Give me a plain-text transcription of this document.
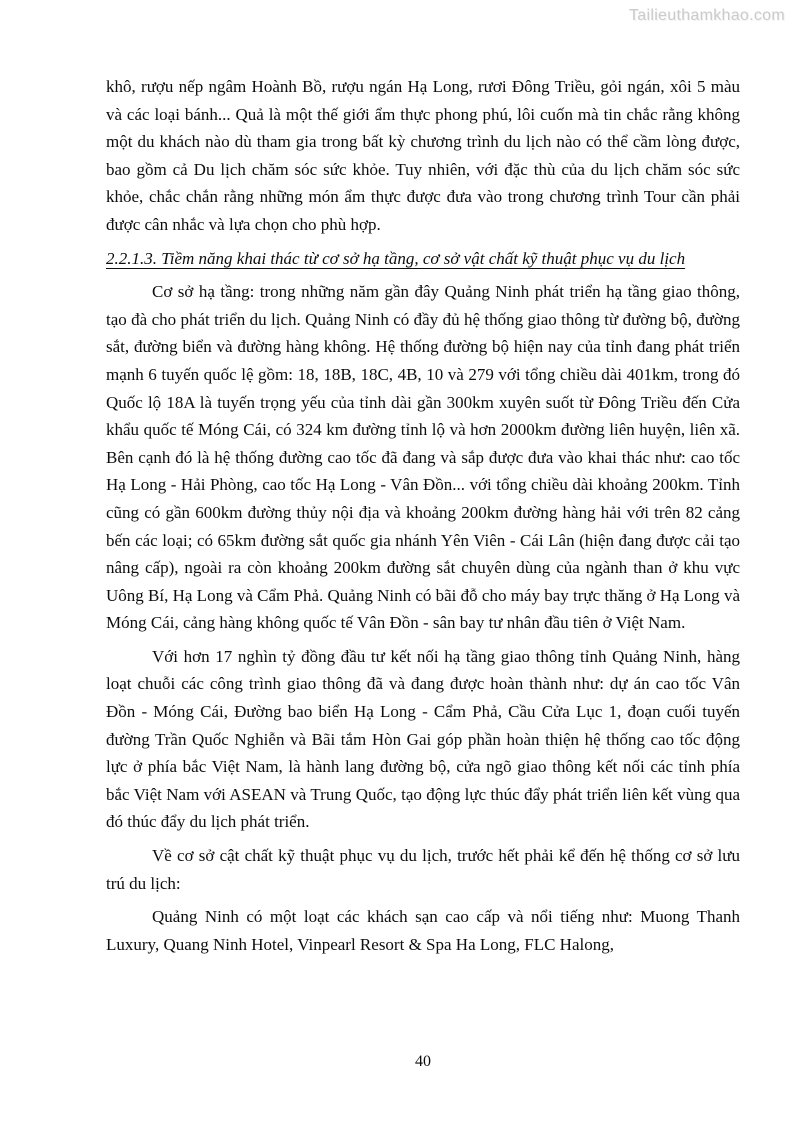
Tailieuthamkhao.com

khô, rượu nếp ngâm Hoành Bồ, rượu ngán Hạ Long, rươi Đông Triều, gỏi ngán, xôi 5 màu và các loại bánh... Quả là một thế giới ẩm thực phong phú, lôi cuốn mà tin chắc rằng không một du khách nào dù tham gia trong bất kỳ chương trình du lịch nào có thể cầm lòng được, bao gồm cả Du lịch chăm sóc sức khỏe. Tuy nhiên, với đặc thù của du lịch chăm sóc sức khỏe, chắc chắn rằng những món ẩm thực được đưa vào trong chương trình Tour cần phải được cân nhắc và lựa chọn cho phù hợp.

2.2.1.3. Tiềm năng khai thác từ cơ sở hạ tầng, cơ sở vật chất kỹ thuật phục vụ du lịch

Cơ sở hạ tầng: trong những năm gần đây Quảng Ninh phát triển hạ tầng giao thông, tạo đà cho phát triển du lịch. Quảng Ninh có đầy đủ hệ thống giao thông từ đường bộ, đường sắt, đường biển và đường hàng không. Hệ thống đường bộ hiện nay của tỉnh đang phát triển mạnh 6 tuyến quốc lệ gồm: 18, 18B, 18C, 4B, 10 và 279 với tổng chiều dài 401km, trong đó Quốc lộ 18A là tuyến trọng yếu của tỉnh dài gần 300km xuyên suốt từ Đông Triều đến Cửa khẩu quốc tế Móng Cái, có 324 km đường tỉnh lộ và hơn 2000km đường liên huyện, liên xã. Bên cạnh đó là hệ thống đường cao tốc đã đang và sắp được đưa vào khai thác như: cao tốc Hạ Long - Hải Phòng, cao tốc Hạ Long - Vân Đồn... với tổng chiều dài khoảng 200km. Tỉnh cũng có gần 600km đường thủy nội địa và khoảng 200km đường hàng hải với trên 82 cảng bến các loại; có 65km đường sắt quốc gia nhánh Yên Viên - Cái Lân (hiện đang được cải tạo nâng cấp), ngoài ra còn khoảng 200km đường sắt chuyên dùng của ngành than ở khu vực Uông Bí, Hạ Long và Cẩm Phả. Quảng Ninh có bãi đỗ cho máy bay trực thăng ở Hạ Long và Móng Cái, cảng hàng không quốc tế Vân Đồn - sân bay tư nhân đầu tiên ở Việt Nam.

Với hơn 17 nghìn tỷ đồng đầu tư kết nối hạ tầng giao thông tỉnh Quảng Ninh, hàng loạt chuỗi các công trình giao thông đã và đang được hoàn thành như: dự án cao tốc Vân Đồn - Móng Cái, Đường bao biển Hạ Long - Cẩm Phả, Cầu Cửa Lục 1, đoạn cuối tuyến đường Trần Quốc Nghiễn và Bãi tắm Hòn Gai góp phần hoàn thiện hệ thống cao tốc động lực ở phía bắc Việt Nam, là hành lang đường bộ, cửa ngõ giao thông kết nối các tỉnh phía bắc Việt Nam với ASEAN và Trung Quốc, tạo động lực thúc đẩy phát triển liên kết vùng qua đó thúc đẩy du lịch phát triển.

Về cơ sở cật chất kỹ thuật phục vụ du lịch, trước hết phải kể đến hệ thống cơ sở lưu trú du lịch:

Quảng Ninh có một loạt các khách sạn cao cấp và nổi tiếng như: Muong Thanh Luxury, Quang Ninh Hotel, Vinpearl Resort & Spa Ha Long, FLC Halong,

40
